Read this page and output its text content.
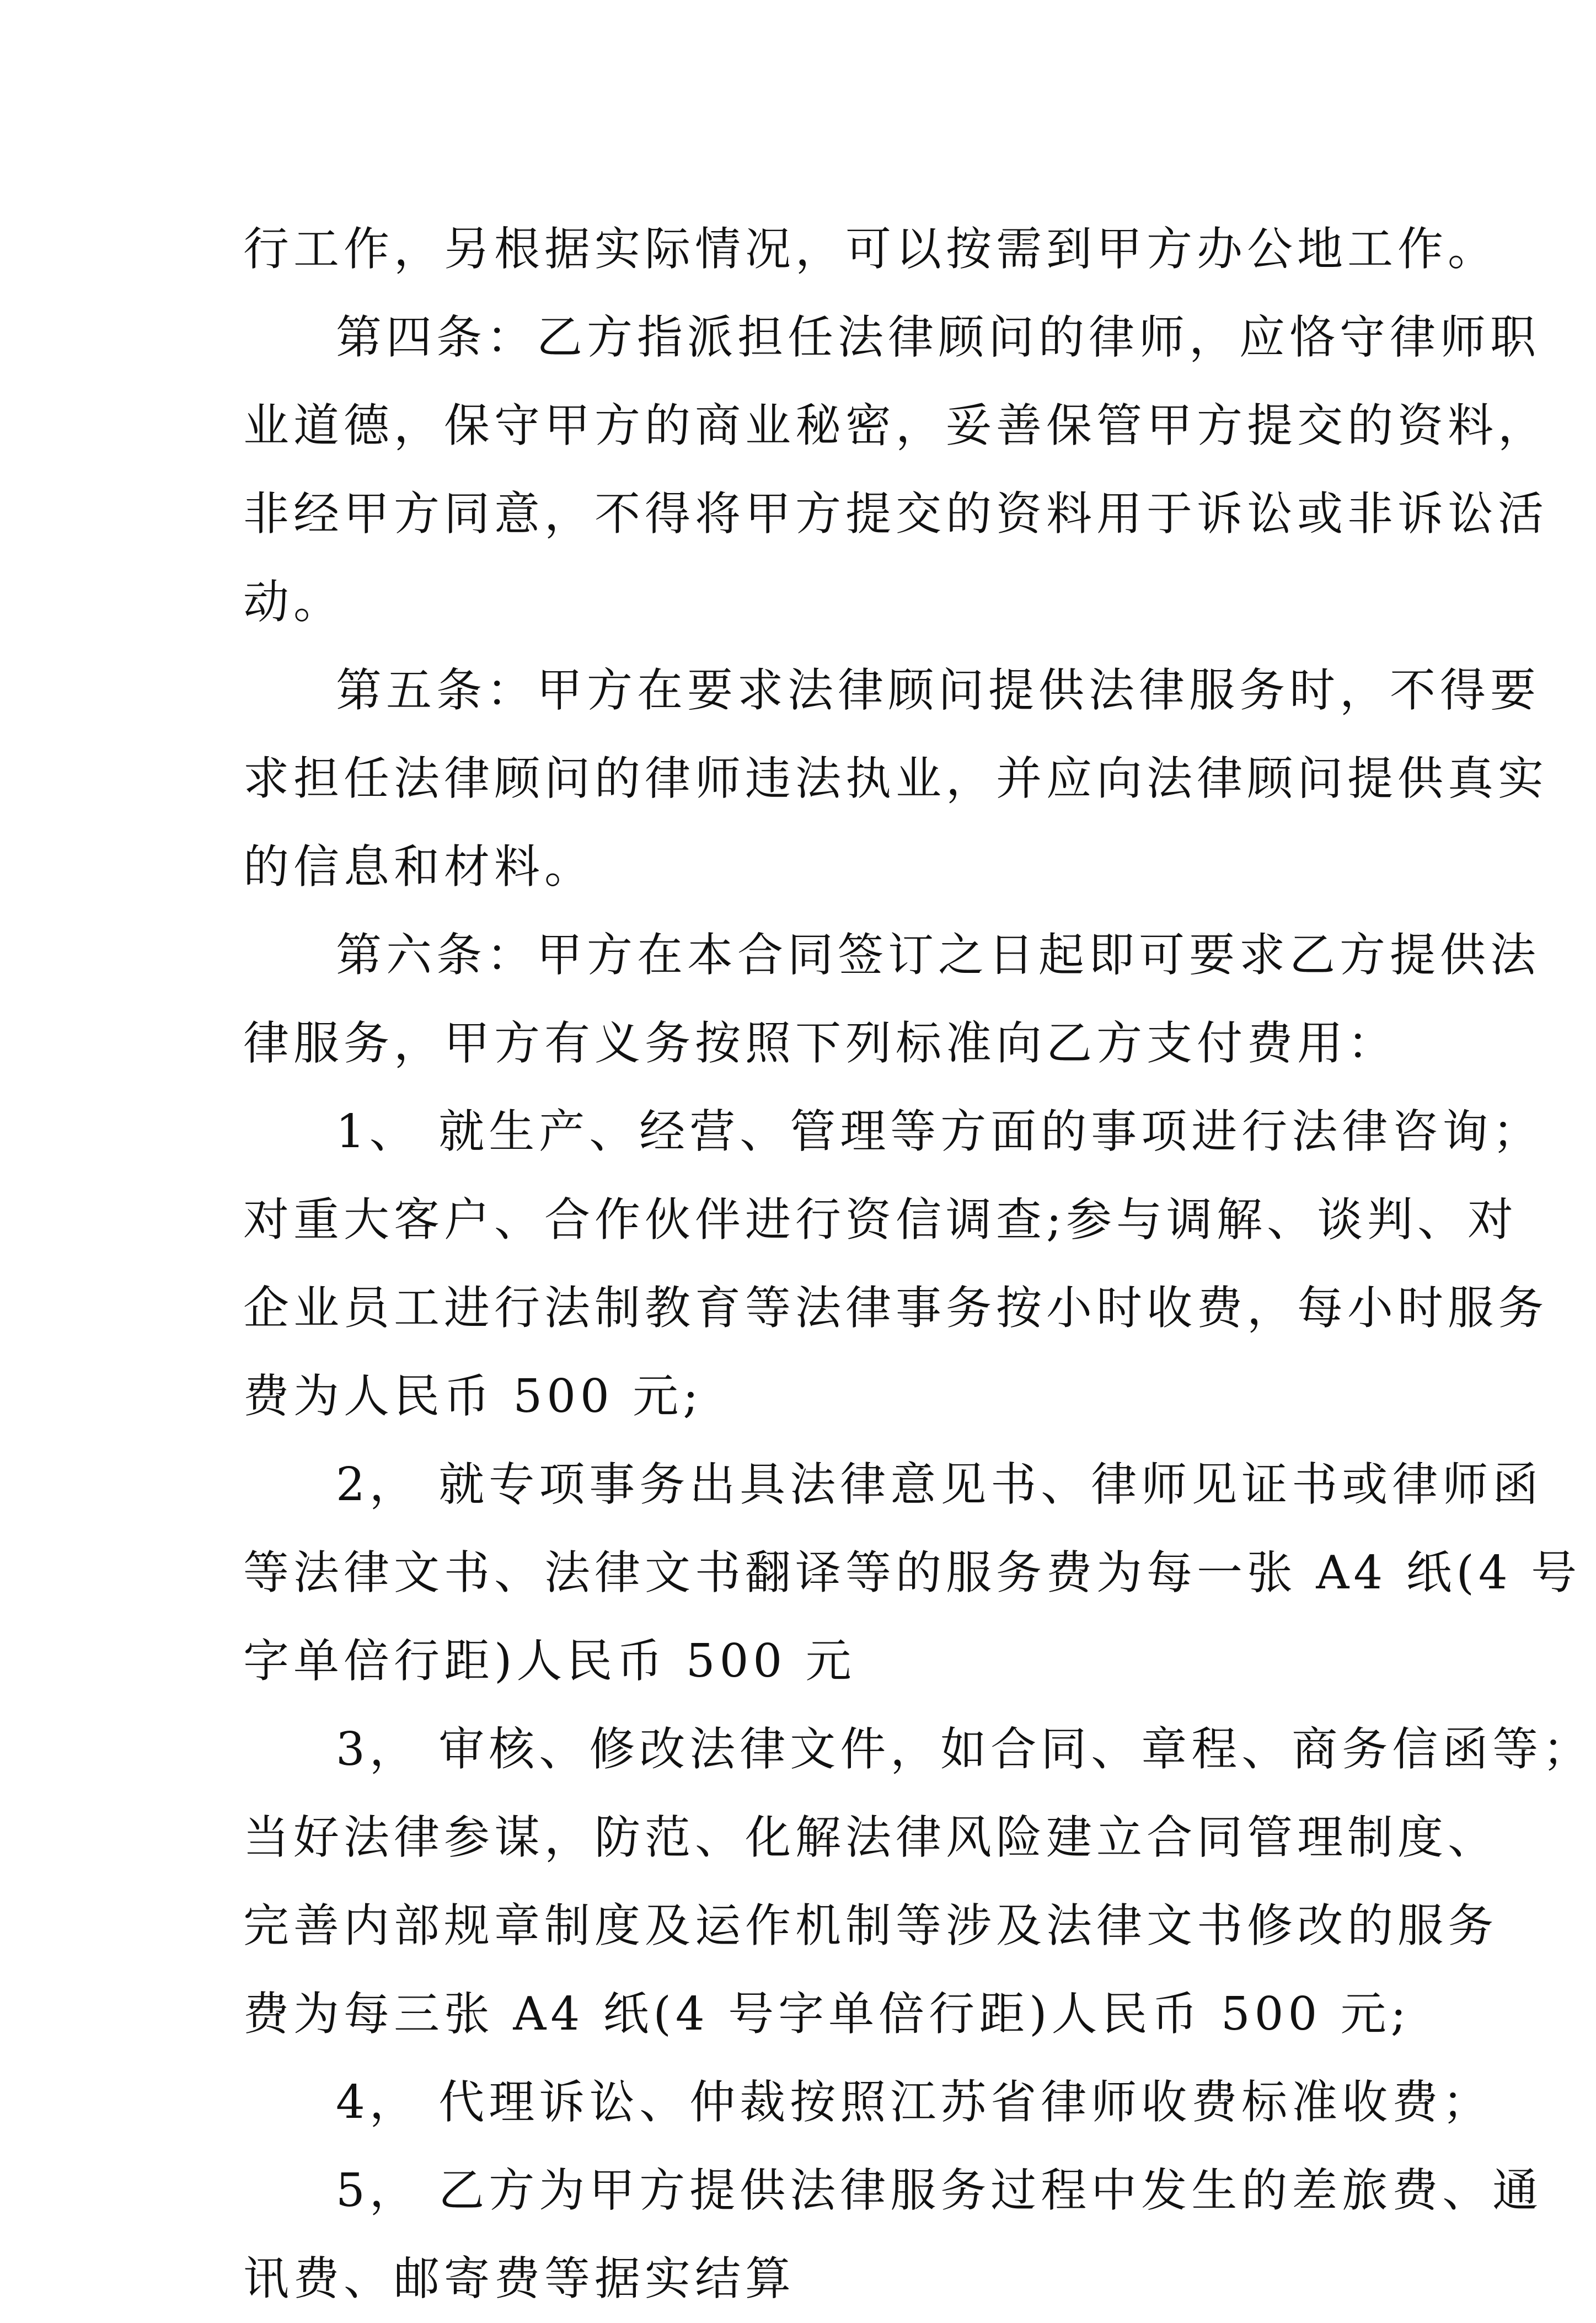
行工作，另根据实际情况，可以按需到甲方办公地工作。
第四条：乙方指派担任法律顾问的律师，应恪守律师职
业道德，保守甲方的商业秘密，妥善保管甲方提交的资料，
非经甲方同意，不得将甲方提交的资料用于诉讼或非诉讼活
动。
第五条：甲方在要求法律顾问提供法律服务时，不得要
求担任法律顾问的律师违法执业，并应向法律顾问提供真实
的信息和材料。
第六条：甲方在本合同签订之日起即可要求乙方提供法
律服务，甲方有义务按照下列标准向乙方支付费用：
1、 就生产、经营、管理等方面的事项进行法律咨询；
对重大客户、合作伙伴进行资信调查;参与调解、谈判、对
企业员工进行法制教育等法律事务按小时收费，每小时服务
费为人民币 500 元;
2， 就专项事务出具法律意见书、律师见证书或律师函
等法律文书、法律文书翻译等的服务费为每一张 A4 纸(4 号
字单倍行距)人民币 500 元
3， 审核、修改法律文件，如合同、章程、商务信函等；
当好法律参谋，防范、化解法律风险建立合同管理制度、
完善内部规章制度及运作机制等涉及法律文书修改的服务
费为每三张 A4 纸(4 号字单倍行距)人民币 500 元;
4， 代理诉讼、仲裁按照江苏省律师收费标准收费；
5， 乙方为甲方提供法律服务过程中发生的差旅费、通
讯费、邮寄费等据实结算
